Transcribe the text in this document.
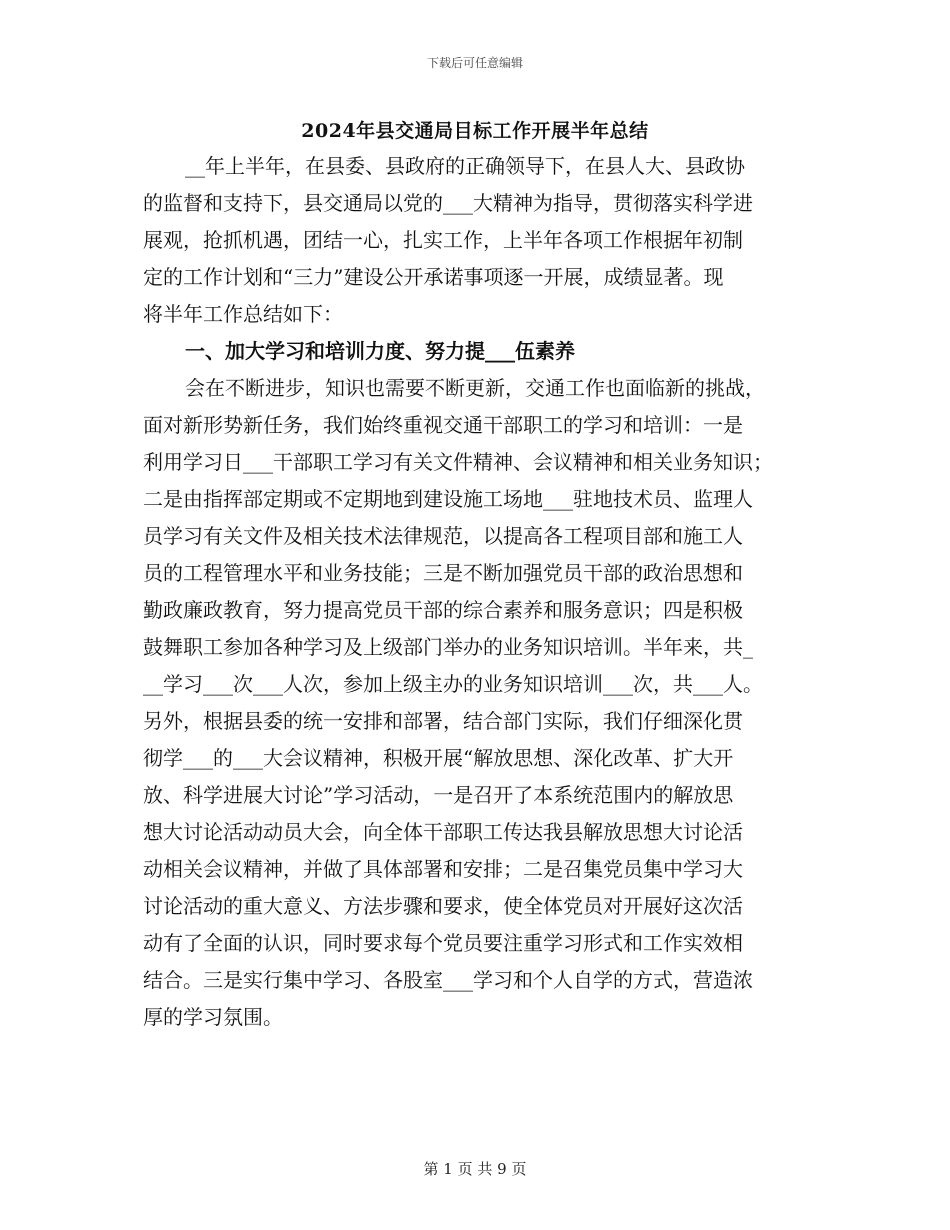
下载后可任意编辑
2024年县交通局目标工作开展半年总结
__年上半年，在县委、县政府的正确领导下，在县人大、县政协
的监督和支持下，县交通局以党的___大精神为指导，贯彻落实科学进
展观，抢抓机遇，团结一心，扎实工作，上半年各项工作根据年初制
定的工作计划和“三力”建设公开承诺事项逐一开展，成绩显著。现
将半年工作总结如下：
一、加大学习和培训力度、努力提___伍素养
会在不断进步，知识也需要不断更新，交通工作也面临新的挑战，
面对新形势新任务，我们始终重视交通干部职工的学习和培训：一是
利用学习日___干部职工学习有关文件精神、会议精神和相关业务知识；
二是由指挥部定期或不定期地到建设施工场地___驻地技术员、监理人
员学习有关文件及相关技术法律规范，以提高各工程项目部和施工人
员的工程管理水平和业务技能；三是不断加强党员干部的政治思想和
勤政廉政教育，努力提高党员干部的综合素养和服务意识；四是积极
鼓舞职工参加各种学习及上级部门举办的业务知识培训。半年来，共_
__学习___次___人次，参加上级主办的业务知识培训___次，共___人。
另外，根据县委的统一安排和部署，结合部门实际，我们仔细深化贯
彻学___的___大会议精神，积极开展“解放思想、深化改革、扩大开
放、科学进展大讨论”学习活动，一是召开了本系统范围内的解放思
想大讨论活动动员大会，向全体干部职工传达我县解放思想大讨论活
动相关会议精神，并做了具体部署和安排；二是召集党员集中学习大
讨论活动的重大意义、方法步骤和要求，使全体党员对开展好这次活
动有了全面的认识，同时要求每个党员要注重学习形式和工作实效相
结合。三是实行集中学习、各股室___学习和个人自学的方式，营造浓
厚的学习氛围。
第 1 页 共 9 页
